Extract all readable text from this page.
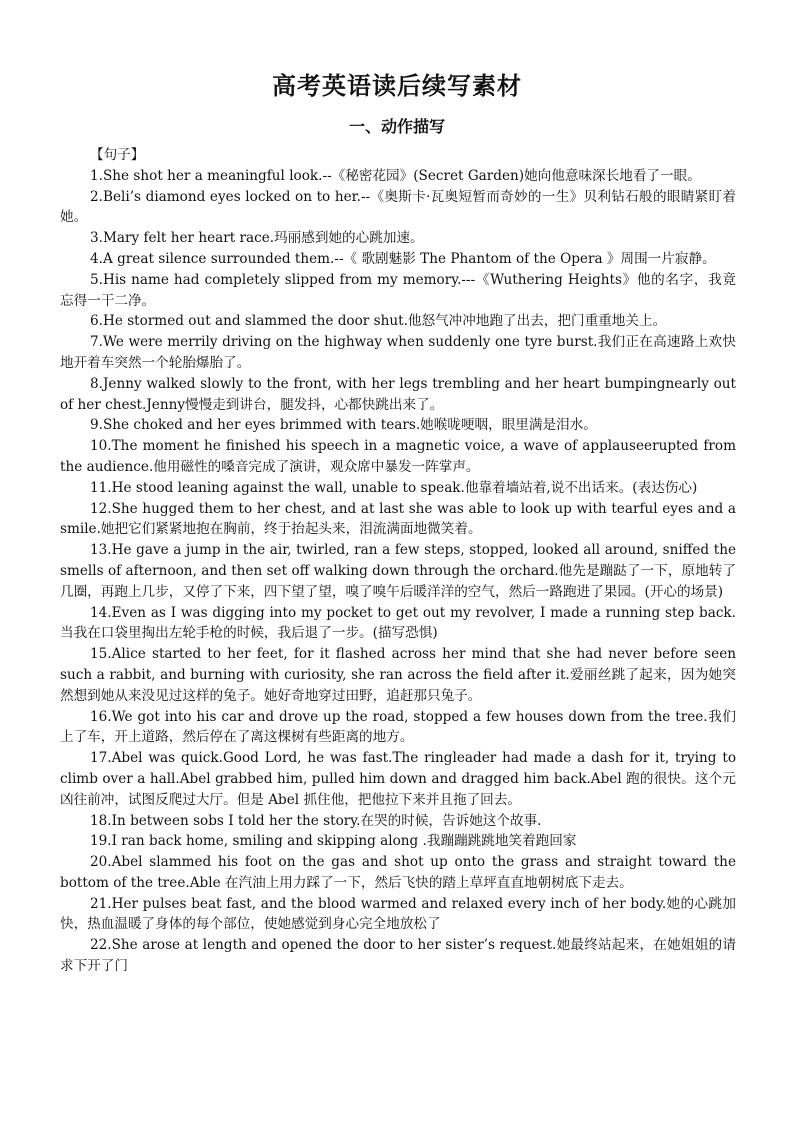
高考英语读后续写素材
一、动作描写

【句子】

1.She shot her a meaningful look.--《秘密花园》(Secret Garden)她向他意味深长地看了一眼。

2.Beli’s diamond eyes locked on to her.--《奥斯卡·瓦奥短暂而奇妙的一生》贝利钻石般的眼睛紧盯着她。

3.Mary felt her heart race.玛丽感到她的心跳加速。

4.A great silence surrounded them.--《 歌剧魅影 The Phantom of the Opera 》周围一片寂静。

5.His name had completely slipped from my memory.---《Wuthering Heights》他的名字，我竟忘得一干二净。

6.He stormed out and slammed the door shut.他怒气冲冲地跑了出去，把门重重地关上。

7.We were merrily driving on the highway when suddenly one tyre burst.我们正在高速路上欢快地开着车突然一个轮胎爆胎了。

8.Jenny walked slowly to the front, with her legs trembling and her heart bumpingnearly out of her chest.Jenny慢慢走到讲台，腿发抖，心都快跳出来了。

9.She choked and her eyes brimmed with tears.她喉咙哽咽，眼里满是泪水。

10.The moment he finished his speech in a magnetic voice, a wave of applauseerupted from the audience.他用磁性的嗓音完成了演讲，观众席中暴发一阵掌声。

11.He stood leaning against the wall, unable to speak.他靠着墙站着,说不出话来。(表达伤心)

12.She hugged them to her chest, and at last she was able to look up with tearful eyes and a smile.她把它们紧紧地抱在胸前，终于抬起头来，泪流满面地微笑着。

13.He gave a jump in the air, twirled, ran a few steps, stopped, looked all around, sniffed the smells of afternoon, and then set off walking down through the orchard.他先是蹦跶了一下，原地转了几圈，再跑上几步，又停了下来，四下望了望，嗅了嗅午后暖洋洋的空气，然后一路跑进了果园。(开心的场景)

14.Even as I was digging into my pocket to get out my revolver, I made a running step back.当我在口袋里掏出左轮手枪的时候，我后退了一步。(描写恐惧)

15.Alice started to her feet, for it flashed across her mind that she had never before seen such a rabbit, and burning with curiosity, she ran across the field after it.爱丽丝跳了起来，因为她突然想到她从来没见过这样的兔子。她好奇地穿过田野，追赶那只兔子。

16.We got into his car and drove up the road, stopped a few houses down from the tree.我们上了车，开上道路，然后停在了离这棵树有些距离的地方。

17.Abel was quick.Good Lord, he was fast.The ringleader had made a dash for it, trying to climb over a hall.Abel grabbed him, pulled him down and dragged him back.Abel 跑的很快。这个元凶往前冲，试图反爬过大厅。但是 Abel 抓住他，把他拉下来并且拖了回去。

18.In between sobs I told her the story.在哭的时候，告诉她这个故事.

19.I ran back home, smiling and skipping along .我蹦蹦跳跳地笑着跑回家

20.Abel slammed his foot on the gas and shot up onto the grass and straight toward the bottom of the tree.Able 在汽油上用力踩了一下，然后飞快的踏上草坪直直地朝树底下走去。

21.Her pulses beat fast, and the blood warmed and relaxed every inch of her body.她的心跳加快，热血温暖了身体的每个部位，使她感觉到身心完全地放松了

22.She arose at length and opened the door to her sister’s request.她最终站起来，在她姐姐的请求下开了门
